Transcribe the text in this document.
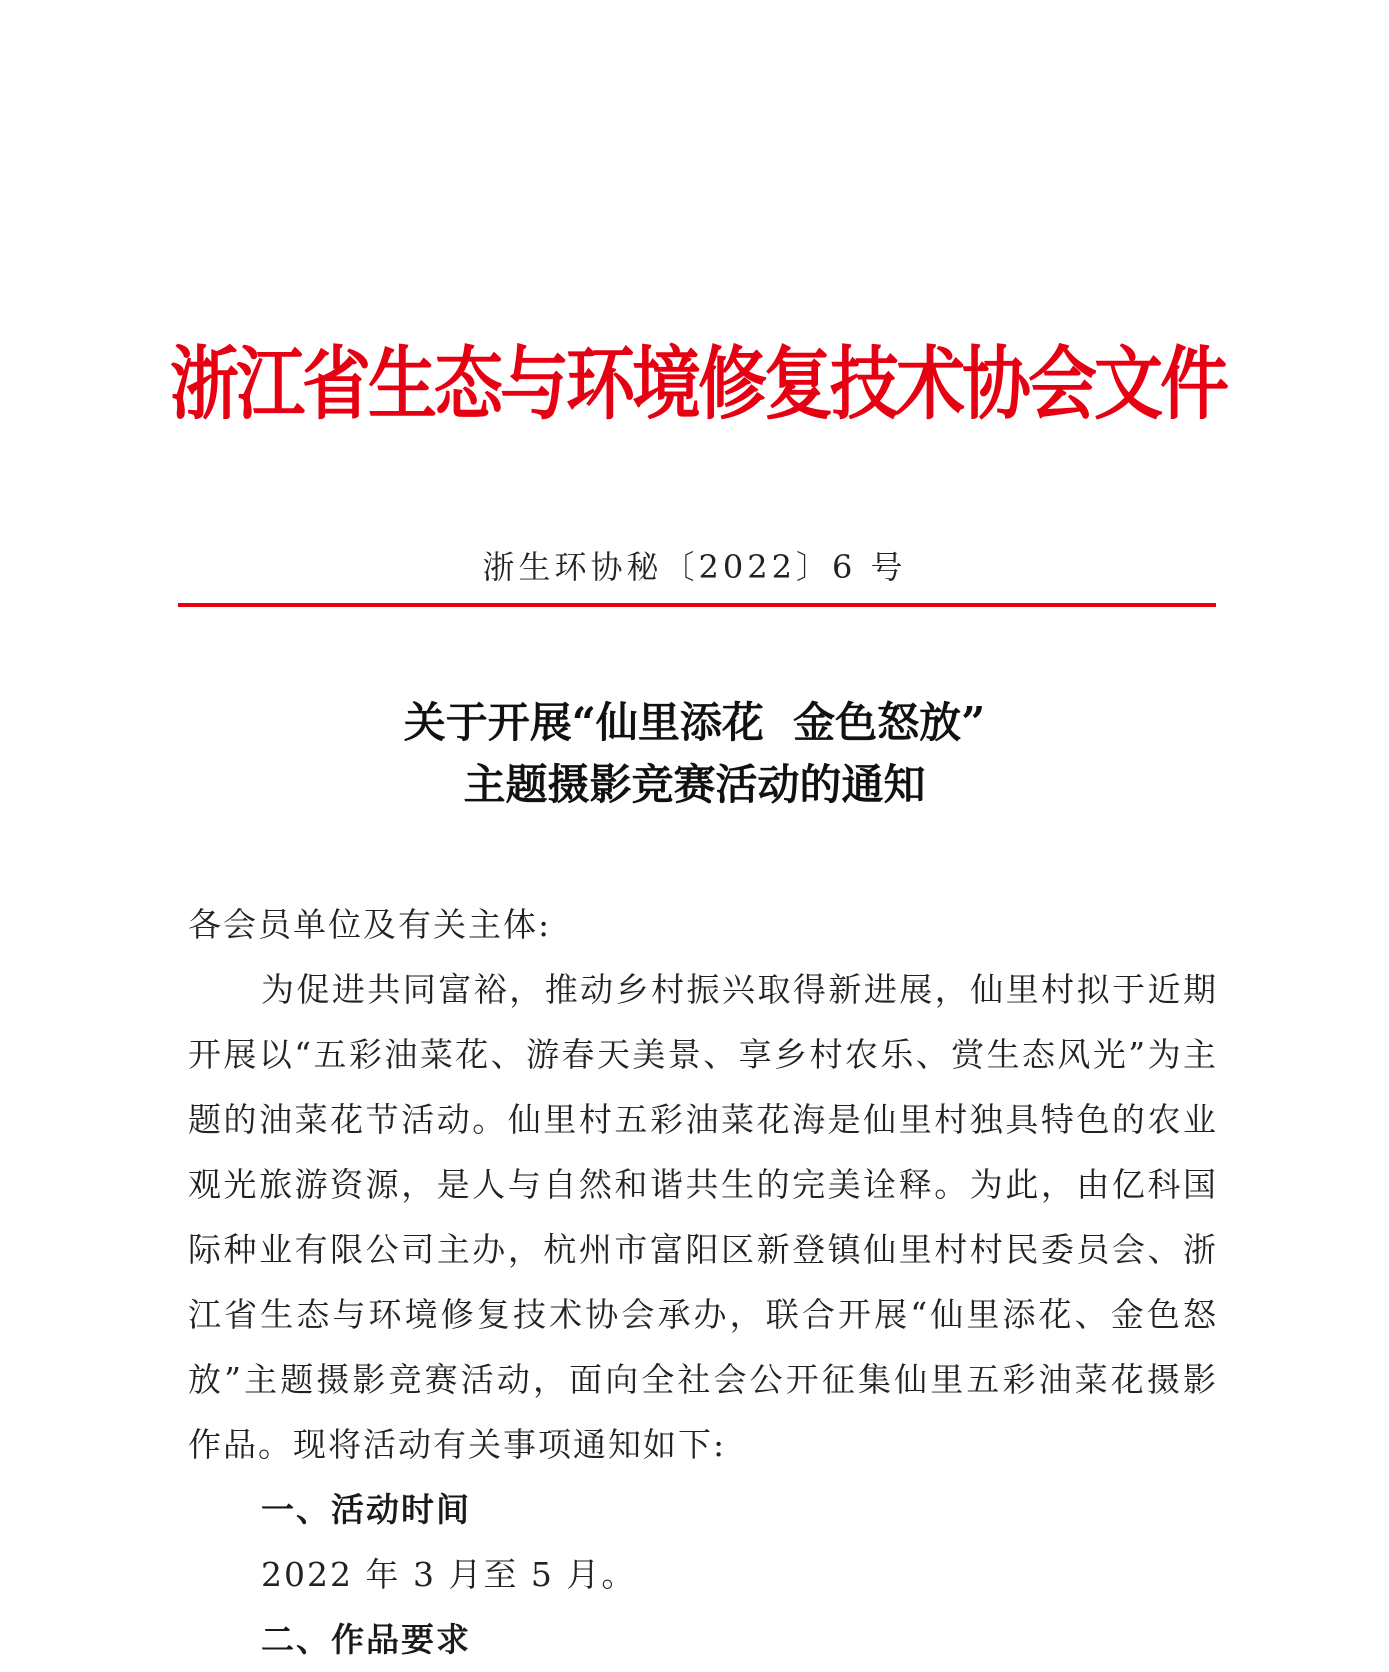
浙江省生态与环境修复技术协会文件
浙生环协秘〔2022〕6 号
关于开展“仙里添花  金色怒放”
主题摄影竞赛活动的通知
各会员单位及有关主体:

为促进共同富裕，推动乡村振兴取得新进展，仙里村拟于近期开展以“五彩油菜花、游春天美景、享乡村农乐、赏生态风光”为主题的油菜花节活动。仙里村五彩油菜花海是仙里村独具特色的农业观光旅游资源，是人与自然和谐共生的完美诠释。为此，由亿科国际种业有限公司主办，杭州市富阳区新登镇仙里村村民委员会、浙江省生态与环境修复技术协会承办，联合开展“仙里添花、金色怒放”主题摄影竞赛活动，面向全社会公开征集仙里五彩油菜花摄影作品。现将活动有关事项通知如下:

一、活动时间
2022 年 3 月至 5 月。
二、作品要求
